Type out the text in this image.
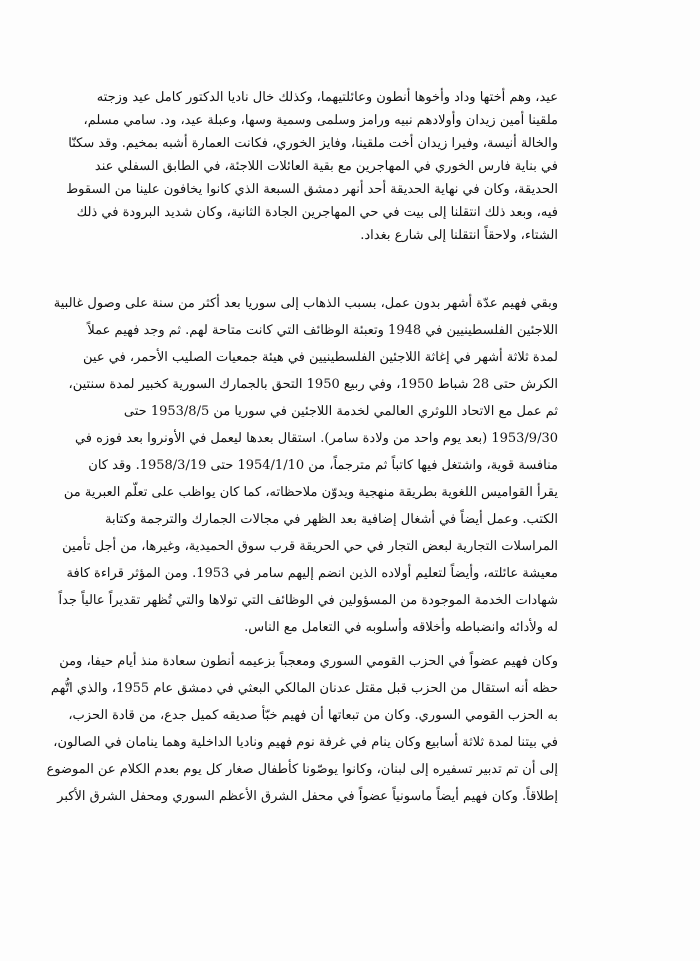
عيد، وهم أختها وداد وأخوها أنطون وعائلتيهما، وكذلك خال ناديا الدكتور كامل عيد وزجته
ملقينا أمين زيدان وأولادهم نبيه ورامز وسلمى وسمية وسها، وعبلة عيد، ود. سامي مسلم،
والخالة أنيسة، وفيرا زيدان أخت ملقينا، وفايز الخوري، فكانت العمارة أشبه بمخيم. وقد سكنّا
في بناية فارس الخوري في المهاجرين مع بقية العائلات اللاجئة، في الطابق السفلي عند
الحديقة، وكان في نهاية الحديقة أحد أنهر دمشق السبعة الذي كانوا يخافون علينا من السقوط
فيه، وبعد ذلك انتقلنا إلى بيت في حي المهاجرين الجادة الثانية، وكان شديد البرودة في ذلك
الشتاء، ولاحقاً انتقلنا إلى شارع بغداد.
وبقي فهيم عدّة أشهر بدون عمل، بسبب الذهاب إلى سوريا بعد أكثر من سنة على وصول غالبية
اللاجئين الفلسطينيين في 1948 وتعبئة الوظائف التي كانت متاحة لهم. ثم وجد فهيم عملاً
لمدة ثلاثة أشهر في إغاثة اللاجئين الفلسطينيين في هيئة جمعيات الصليب الأحمر، في عين
الكرش حتى 28 شباط 1950، وفي ربيع 1950 التحق بالجمارك السورية كخبير لمدة سنتين،
ثم عمل مع الاتحاد اللوثري العالمي لخدمة اللاجئين في سوريا من 1953/8/5 حتى
1953/9/30 (بعد يوم واحد من ولادة سامر). استقال بعدها ليعمل في الأونروا بعد فوزه في
منافسة قوية، واشتغل فيها كاتباً ثم مترجماً، من 1954/1/10 حتى 1958/3/19. وقد كان
يقرأ القواميس اللغوية بطريقة منهجية ويدوّن ملاحظاته، كما كان يواظب على تعلّم العبرية من
الكتب. وعمل أيضاً في أشغال إضافية بعد الظهر في مجالات الجمارك والترجمة وكتابة
المراسلات التجارية لبعض التجار في حي الحريقة قرب سوق الحميدية، وغيرها، من أجل تأمين
معيشة عائلته، وأيضاً لتعليم أولاده الذين انضم إليهم سامر في 1953. ومن المؤثر قراءة كافة
شهادات الخدمة الموجودة من المسؤولين في الوظائف التي تولاها والتي تُظهر تقديراً عالياً جداً
له ولأدائه وانضباطه وأخلاقه وأسلوبه في التعامل مع الناس.
وكان فهيم عضواً في الحزب القومي السوري ومعجباً بزعيمه أنطون سعادة منذ أيام حيفا، ومن
حظه أنه استقال من الحزب قبل مقتل عدنان المالكي البعثي في دمشق عام 1955، والذي اتُّهم
به الحزب القومي السوري. وكان من تبعاتها أن فهيم خبّأ صديقه كميل جدع، من قادة الحزب،
في بيتنا لمدة ثلاثة أسابيع وكان ينام في غرفة نوم فهيم وناديا الداخلية وهما ينامان في الصالون،
إلى أن تم تدبير تسفيره إلى لبنان، وكانوا يوصّونا كأطفال صغار كل يوم بعدم الكلام عن الموضوع
إطلاقاً. وكان فهيم أيضاً ماسونياً عضواً في محفل الشرق الأعظم السوري ومحفل الشرق الأكبر
